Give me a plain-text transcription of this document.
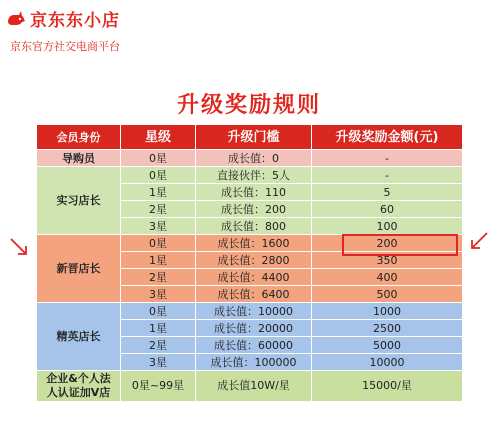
京东东小店
京东官方社交电商平台
升级奖励规则
会员身份	星级	升级门槛	升级奖励金额(元)
导购员	0星	成长值：0	-
实习店长	0星	直接伙伴：5人	-
	1星	成长值：110	5
	2星	成长值：200	60
	3星	成长值：800	100
新晋店长	0星	成长值：1600	200
	1星	成长值：2800	350
	2星	成长值：4400	400
	3星	成长值：6400	500
精英店长	0星	成长值：10000	1000
	1星	成长值：20000	2500
	2星	成长值：60000	5000
	3星	成长值：100000	10000
企业&个人法人认证加V店	0星~99星	成长值10W/星	15000/星
